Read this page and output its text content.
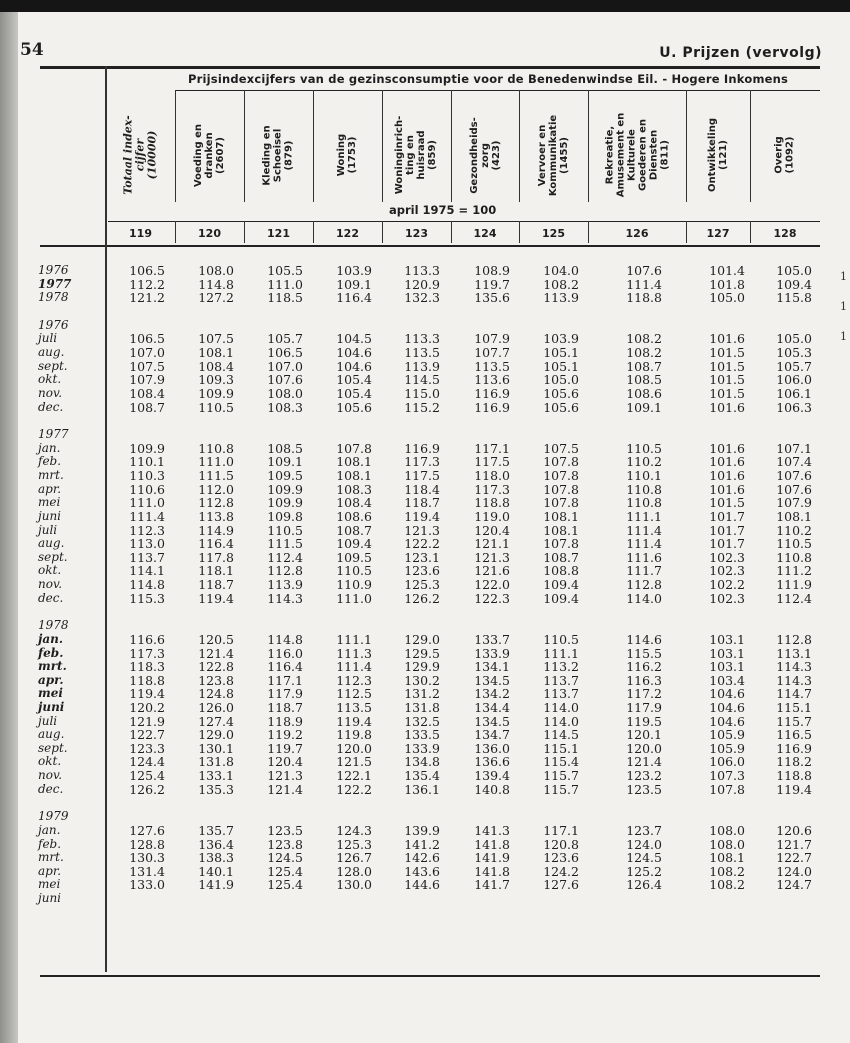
54	U. Prijzen (vervolg)
Prijsindexcijfers van de gezinsconsumptie voor de Benedenwindse Eil. - Hogere Inkomens
Totaal index-
cijfer
(10000)	Voeding en
dranken
(2607)	Kleding en
Schoeisel
(879)	Woning
(1753)	Woninginrich-
ting en
huisraad
(859)	Gezondheids-
zorg
(423)	Vervoer en
Kommunikatie
(1455)	Rekreatie,
Amusement en
Kulturele
Goederen en
Diensten
(811)	Ontwikkeling
(121)	Overig
(1092)
april 1975 = 100
119	120	121	122	123	124	125	126	127	128
1976	106.5	108.0	105.5	103.9	113.3	108.9	104.0	107.6	101.4	105.0
1977	112.2	114.8	111.0	109.1	120.9	119.7	108.2	111.4	101.8	109.4
1978	121.2	127.2	118.5	116.4	132.3	135.6	113.9	118.8	105.0	115.8
1976
juli	106.5	107.5	105.7	104.5	113.3	107.9	103.9	108.2	101.6	105.0
aug.	107.0	108.1	106.5	104.6	113.5	107.7	105.1	108.2	101.5	105.3
sept.	107.5	108.4	107.0	104.6	113.9	113.5	105.1	108.7	101.5	105.7
okt.	107.9	109.3	107.6	105.4	114.5	113.6	105.0	108.5	101.5	106.0
nov.	108.4	109.9	108.0	105.4	115.0	116.9	105.6	108.6	101.5	106.1
dec.	108.7	110.5	108.3	105.6	115.2	116.9	105.6	109.1	101.6	106.3
1977
jan.	109.9	110.8	108.5	107.8	116.9	117.1	107.5	110.5	101.6	107.1
feb.	110.1	111.0	109.1	108.1	117.3	117.5	107.8	110.2	101.6	107.4
mrt.	110.3	111.5	109.5	108.1	117.5	118.0	107.8	110.1	101.6	107.6
apr.	110.6	112.0	109.9	108.3	118.4	117.3	107.8	110.8	101.6	107.6
mei	111.0	112.8	109.9	108.4	118.7	118.8	107.8	110.8	101.5	107.9
juni	111.4	113.8	109.8	108.6	119.4	119.0	108.1	111.1	101.7	108.1
juli	112.3	114.9	110.5	108.7	121.3	120.4	108.1	111.4	101.7	110.2
aug.	113.0	116.4	111.5	109.4	122.2	121.1	107.8	111.4	101.7	110.5
sept.	113.7	117.8	112.4	109.5	123.1	121.3	108.7	111.6	102.3	110.8
okt.	114.1	118.1	112.8	110.5	123.6	121.6	108.8	111.7	102.3	111.2
nov.	114.8	118.7	113.9	110.9	125.3	122.0	109.4	112.8	102.2	111.9
dec.	115.3	119.4	114.3	111.0	126.2	122.3	109.4	114.0	102.3	112.4
1978
jan.	116.6	120.5	114.8	111.1	129.0	133.7	110.5	114.6	103.1	112.8
feb.	117.3	121.4	116.0	111.3	129.5	133.9	111.1	115.5	103.1	113.1
mrt.	118.3	122.8	116.4	111.4	129.9	134.1	113.2	116.2	103.1	114.3
apr.	118.8	123.8	117.1	112.3	130.2	134.5	113.7	116.3	103.4	114.3
mei	119.4	124.8	117.9	112.5	131.2	134.2	113.7	117.2	104.6	114.7
juni	120.2	126.0	118.7	113.5	131.8	134.4	114.0	117.9	104.6	115.1
juli	121.9	127.4	118.9	119.4	132.5	134.5	114.0	119.5	104.6	115.7
aug.	122.7	129.0	119.2	119.8	133.5	134.7	114.5	120.1	105.9	116.5
sept.	123.3	130.1	119.7	120.0	133.9	136.0	115.1	120.0	105.9	116.9
okt.	124.4	131.8	120.4	121.5	134.8	136.6	115.4	121.4	106.0	118.2
nov.	125.4	133.1	121.3	122.1	135.4	139.4	115.7	123.2	107.3	118.8
dec.	126.2	135.3	121.4	122.2	136.1	140.8	115.7	123.5	107.8	119.4
1979
jan.	127.6	135.7	123.5	124.3	139.9	141.3	117.1	123.7	108.0	120.6
feb.	128.8	136.4	123.8	125.3	141.2	141.8	120.8	124.0	108.0	121.7
mrt.	130.3	138.3	124.5	126.7	142.6	141.9	123.6	124.5	108.1	122.7
apr.	131.4	140.1	125.4	128.0	143.6	141.8	124.2	125.2	108.2	124.0
mei	133.0	141.9	125.4	130.0	144.6	141.7	127.6	126.4	108.2	124.7
juni
1
1
1
